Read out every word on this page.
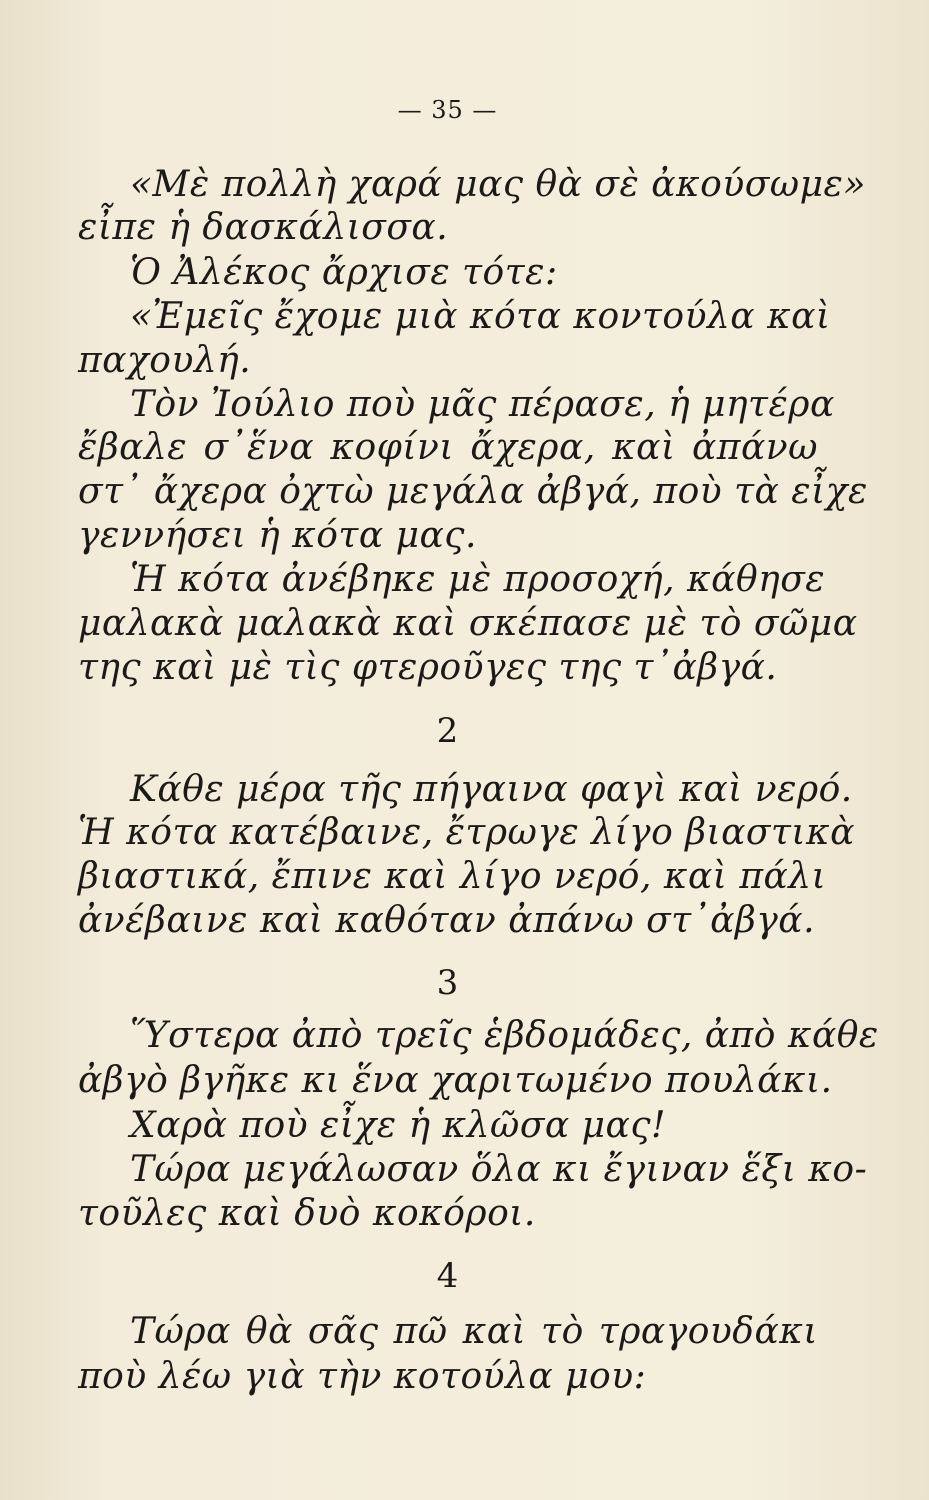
— 35 —
«Μὲ πολλὴ χαρά μας θὰ σὲ ἀκούσωμε»
εἶπε ἡ δασκάλισσα.
Ὁ Ἀλέκος ἄρχισε τότε:
«Ἐμεῖς ἔχομε μιὰ κότα κοντούλα καὶ
παχουλή.
Τὸν Ἰούλιο ποὺ μᾶς πέρασε, ἡ μητέρα
ἔβαλε σ᾽ἕνα κοφίνι ἄχερα, καὶ ἀπάνω
στ᾽ ἄχερα ὀχτὼ μεγάλα ἀβγά, ποὺ τὰ εἶχε
γεννήσει ἡ κότα μας.
Ἡ κότα ἀνέβηκε μὲ προσοχή, κάθησε
μαλακὰ μαλακὰ καὶ σκέπασε μὲ τὸ σῶμα
της καὶ μὲ τὶς φτεροῦγες της τ᾽ἀβγά.
2
Κάθε μέρα τῆς πήγαινα φαγὶ καὶ νερό.
Ἡ κότα κατέβαινε, ἔτρωγε λίγο βιαστικὰ
βιαστικά, ἔπινε καὶ λίγο νερό, καὶ πάλι
ἀνέβαινε καὶ καθόταν ἀπάνω στ᾽ἀβγά.
3
Ὕστερα ἀπὸ τρεῖς ἑβδομάδες, ἀπὸ κάθε
ἀβγὸ βγῆκε κι ἕνα χαριτωμένο πουλάκι.
Χαρὰ ποὺ εἶχε ἡ κλῶσα μας!
Τώρα μεγάλωσαν ὅλα κι ἔγιναν ἕξι κο-
τοῦλες καὶ δυὸ κοκόροι.
4
Τώρα θὰ σᾶς πῶ καὶ τὸ τραγουδάκι
ποὺ λέω γιὰ τὴν κοτούλα μου:
